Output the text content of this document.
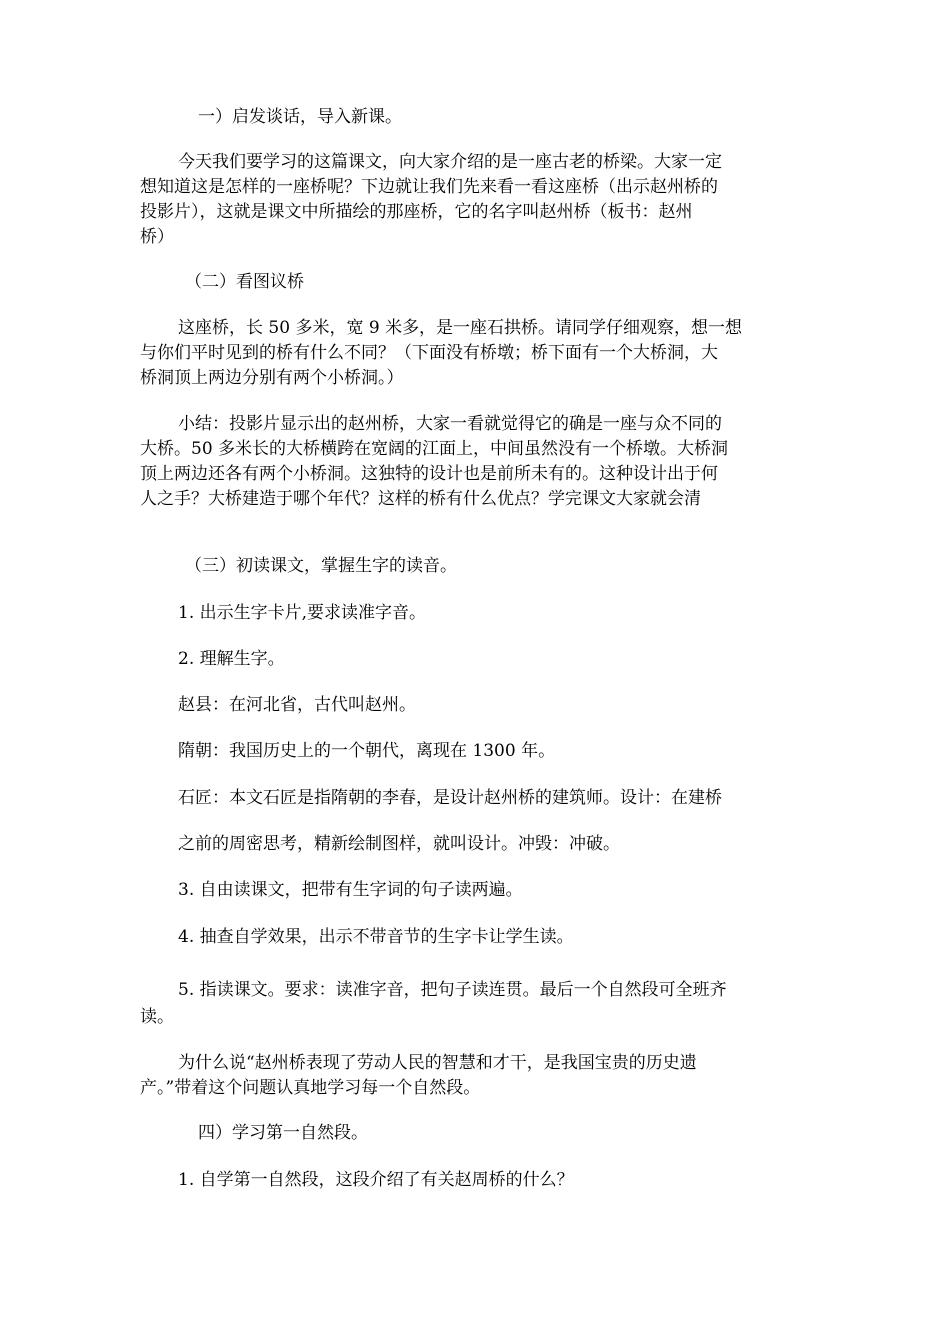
一）启发谈话，导入新课。
今天我们要学习的这篇课文，向大家介绍的是一座古老的桥梁。大家一定
想知道这是怎样的一座桥呢？下边就让我们先来看一看这座桥（出示赵州桥的
投影片），这就是课文中所描绘的那座桥，它的名字叫赵州桥（板书：赵州
桥）
（二）看图议桥
这座桥，长 50 多米，宽 9 米多，是一座石拱桥。请同学仔细观察，想一想
与你们平时见到的桥有什么不同？（下面没有桥墩；桥下面有一个大桥洞，大
桥洞顶上两边分别有两个小桥洞。）
小结：投影片显示出的赵州桥，大家一看就觉得它的确是一座与众不同的
大桥。50 多米长的大桥横跨在宽阔的江面上，中间虽然没有一个桥墩。大桥洞
顶上两边还各有两个小桥洞。这独特的设计也是前所未有的。这种设计出于何
人之手？大桥建造于哪个年代？这样的桥有什么优点？学完课文大家就会清
（三）初读课文，掌握生字的读音。
1. 出示生字卡片,要求读准字音。
2. 理解生字。
赵县：在河北省，古代叫赵州。
隋朝：我国历史上的一个朝代，离现在 1300 年。
石匠：本文石匠是指隋朝的李春，是设计赵州桥的建筑师。设计：在建桥
之前的周密思考，精新绘制图样，就叫设计。冲毁：冲破。
3. 自由读课文，把带有生字词的句子读两遍。
4. 抽查自学效果，出示不带音节的生字卡让学生读。
5. 指读课文。要求：读准字音，把句子读连贯。最后一个自然段可全班齐
读。
为什么说“赵州桥表现了劳动人民的智慧和才干，是我国宝贵的历史遗
产。”带着这个问题认真地学习每一个自然段。
四）学习第一自然段。
1. 自学第一自然段，这段介绍了有关赵周桥的什么？
